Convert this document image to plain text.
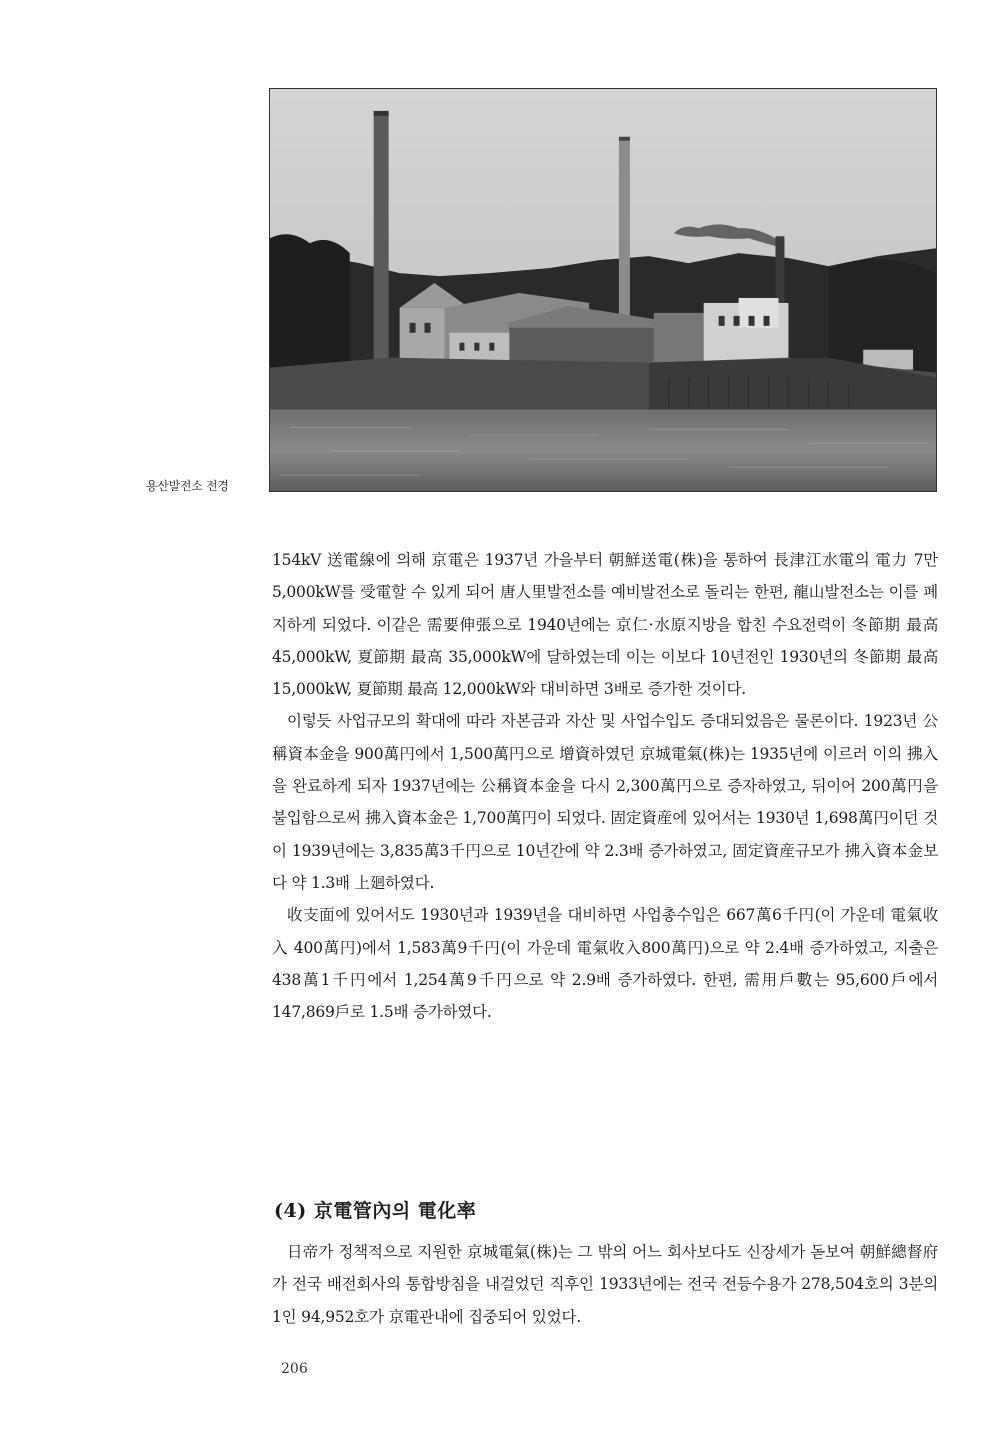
용산발전소 전경

154kV 送電線에 의해 京電은 1937년 가을부터 朝鮮送電(株)을 통하여 長津江水電의 電力 7만5,000kW를 受電할 수 있게 되어 唐人里발전소를 예비발전소로 돌리는 한편, 龍山발전소는 이를 폐지하게 되었다. 이같은 需要伸張으로 1940년에는 京仁·水原지방을 합친 수요전력이 冬節期 最高 45,000kW, 夏節期 最高 35,000kW에 달하였는데 이는 이보다 10년전인 1930년의 冬節期 最高 15,000kW, 夏節期 最高 12,000kW와 대비하면 3배로 증가한 것이다.

이렇듯 사업규모의 확대에 따라 자본금과 자산 및 사업수입도 증대되었음은 물론이다. 1923년 公稱資本金을 900萬円에서 1,500萬円으로 增資하였던 京城電氣(株)는 1935년에 이르러 이의 拂入을 완료하게 되자 1937년에는 公稱資本金을 다시 2,300萬円으로 증자하였고, 뒤이어 200萬円을 불입함으로써 拂入資本金은 1,700萬円이 되었다. 固定資産에 있어서는 1930년 1,698萬円이던 것이 1939년에는 3,835萬3千円으로 10년간에 약 2.3배 증가하였고, 固定資産규모가 拂入資本金보다 약 1.3배 上廻하였다.

收支面에 있어서도 1930년과 1939년을 대비하면 사업총수입은 667萬6千円(이 가운데 電氣收入 400萬円)에서 1,583萬9千円(이 가운데 電氣收入800萬円)으로 약 2.4배 증가하였고, 지출은 438萬1千円에서 1,254萬9千円으로 약 2.9배 증가하였다. 한편, 需用戶數는 95,600戶에서 147,869戶로 1.5배 증가하였다.

(4) 京電管內의 電化率

日帝가 정책적으로 지원한 京城電氣(株)는 그 밖의 어느 회사보다도 신장세가 돋보여 朝鮮總督府가 전국 배전회사의 통합방침을 내걸었던 직후인 1933년에는 전국 전등수용가 278,504호의 3분의 1인 94,952호가 京電관내에 집중되어 있었다.

206
